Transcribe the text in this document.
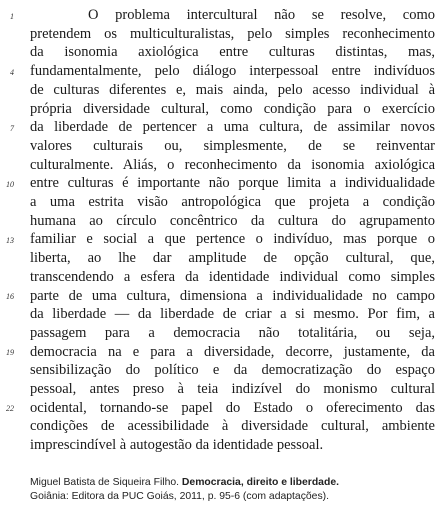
1
4
7
10
13
16
19
22
O problema intercultural não se resolve, como
pretendem os multiculturalistas, pelo simples reconhecimento
da isonomia axiológica entre culturas distintas, mas,
fundamentalmente, pelo diálogo interpessoal entre indivíduos
de culturas diferentes e, mais ainda, pelo acesso individual à
própria diversidade cultural, como condição para o exercício
da liberdade de pertencer a uma cultura, de assimilar novos
valores culturais ou, simplesmente, de se reinventar
culturalmente. Aliás, o reconhecimento da isonomia axiológica
entre culturas é importante não porque limita a individualidade
a uma estrita visão antropológica que projeta a condição
humana ao círculo concêntrico da cultura do agrupamento
familiar e social a que pertence o indivíduo, mas porque o
liberta, ao lhe dar amplitude de opção cultural, que,
transcendendo a esfera da identidade individual como simples
parte de uma cultura, dimensiona a individualidade no campo
da liberdade — da liberdade de criar a si mesmo. Por fim, a
passagem para a democracia não totalitária, ou seja,
democracia na e para a diversidade, decorre, justamente, da
sensibilização do político e da democratização do espaço
pessoal, antes preso à teia indizível do monismo cultural
ocidental, tornando-se papel do Estado o oferecimento das
condições de acessibilidade à diversidade cultural, ambiente
imprescindível à autogestão da identidade pessoal.
Miguel Batista de Siqueira Filho. Democracia, direito e liberdade.
Goiânia: Editora da PUC Goiás, 2011, p. 95-6 (com adaptações).
